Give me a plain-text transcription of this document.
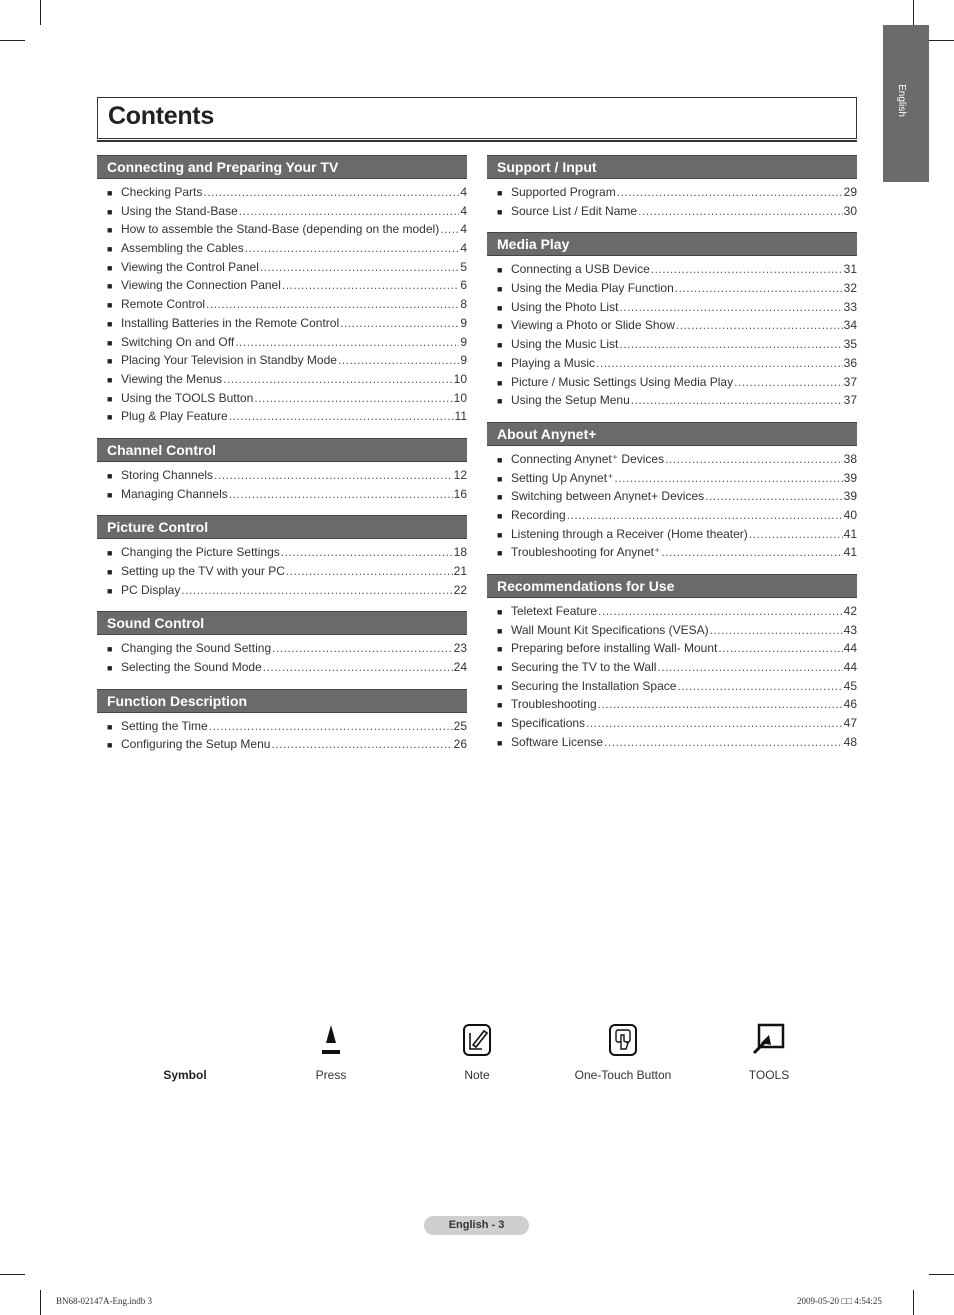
English
Contents
Connecting and Preparing Your TV
■ Checking Parts .....	4
■ Using the Stand-Base .....	4
■ How to assemble the Stand-Base (depending on the model) ..... 4
■ Assembling the Cables .....	4
■ Viewing the Control Panel .....	5
■ Viewing the Connection Panel .....	6
■ Remote Control .....	8
■ Installing Batteries in the Remote Control .....	9
■ Switching On and Off .....	9
■ Placing Your Television in Standby Mode .....	9
■ Viewing the Menus .....	10
■ Using the TOOLS Button .....	10
■ Plug & Play Feature .....	11
Channel Control
■ Storing Channels .....	12
■ Managing Channels .....	16
Picture Control
■ Changing the Picture Settings .....	18
■ Setting up the TV with your PC .....	21
■ PC Display .....	22
Sound Control
■ Changing the Sound Setting .....	23
■ Selecting the Sound Mode .....	24
Function Description
■ Setting the Time .....	25
■ Configuring the Setup Menu .....	26
Support / Input
■ Supported Program .....	29
■ Source List / Edit Name .....	30
Media Play
■ Connecting a USB Device .....	31
■ Using the Media Play Function .....	32
■ Using the Photo List .....	33
■ Viewing a Photo or Slide Show .....	34
■ Using the Music List .....	35
■ Playing a Music .....	36
■ Picture / Music Settings Using Media Play .....	37
■ Using the Setup Menu .....	37
About Anynet+
■ Connecting Anynet⁺ Devices .....	38
■ Setting Up Anynet⁺ .....	39
■ Switching between Anynet+ Devices .....	39
■ Recording .....	40
■ Listening through a Receiver (Home theater) .....	41
■ Troubleshooting for Anynet⁺ .....	41
Recommendations for Use
■ Teletext Feature .....	42
■ Wall Mount Kit Specifications (VESA) .....	43
■ Preparing before installing Wall- Mount .....	44
■ Securing the TV to the Wall .....	44
■ Securing the Installation Space .....	45
■ Troubleshooting .....	46
■ Specifications .....	47
■ Software License .....	48
Symbol	Press	Note	One-Touch Button	TOOLS
English - 3
BN68-02147A-Eng.indb 3	2009-05-20 □□ 4:54:25
